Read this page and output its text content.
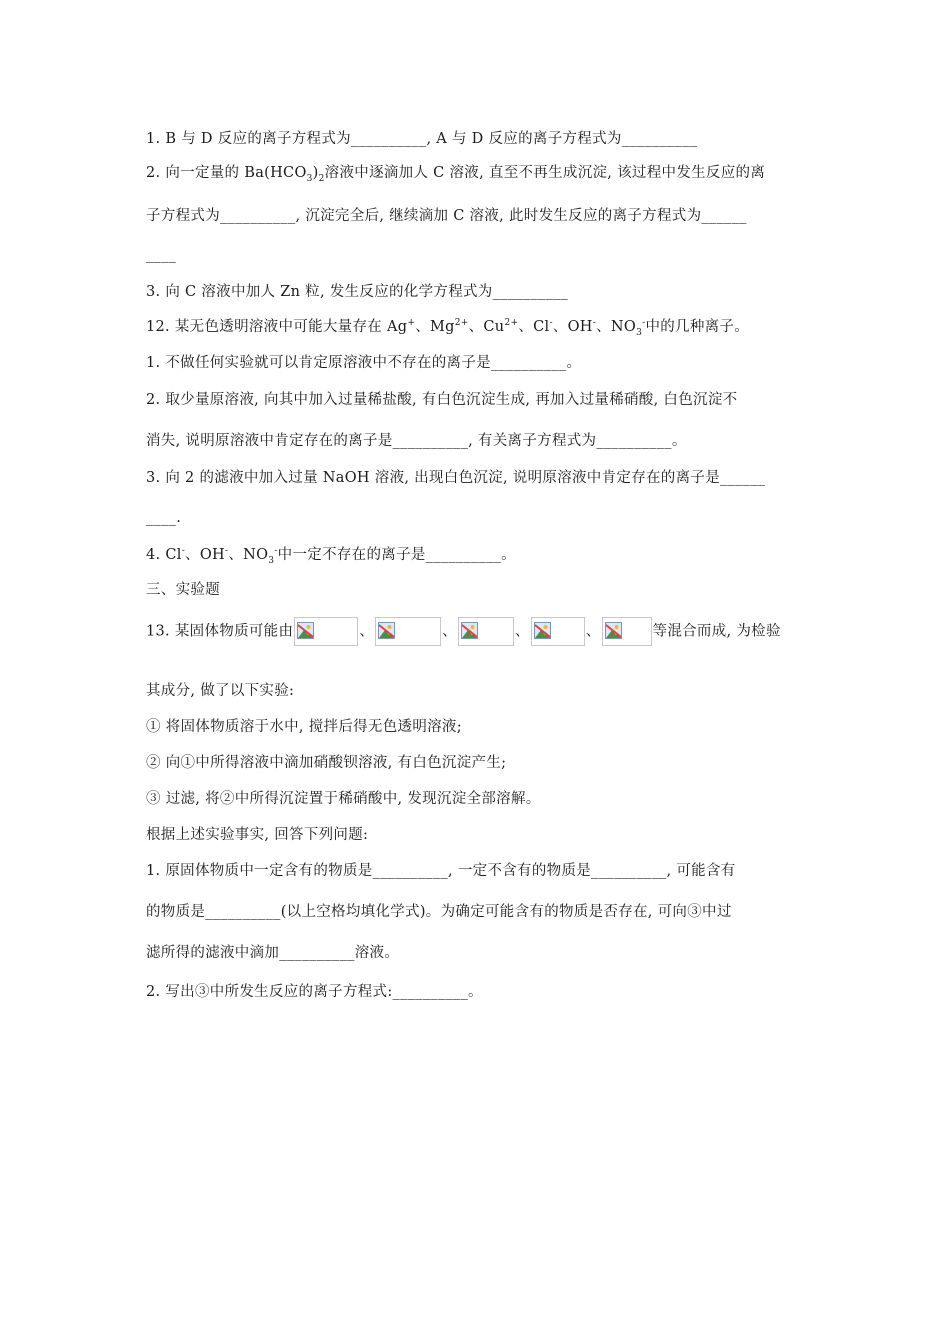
1. B 与 D 反应的离子方程式为__________, A 与 D 反应的离子方程式为__________
2. 向一定量的 $Ba(HCO_3)_2$溶液中逐滴加人 C 溶液, 直至不再生成沉淀, 该过程中发生反应的离
子方程式为__________, 沉淀完全后, 继续滴加 C 溶液, 此时发生反应的离子方程式为______
____
3. 向 C 溶液中加人 Zn 粒, 发生反应的化学方程式为__________
12. 某无色透明溶液中可能大量存在 Ag+、$Mg^{2+}$、$Cu^{2+}$、Cl-、OH-、$NO_3^-$中的几种离子。
1. 不做任何实验就可以肯定原溶液中不存在的离子是__________。
2. 取少量原溶液, 向其中加入过量稀盐酸, 有白色沉淀生成, 再加入过量稀硝酸, 白色沉淀不
消失, 说明原溶液中肯定存在的离子是__________, 有关离子方程式为__________。
3. 向 2 的滤液中加入过量 NaOH 溶液, 出现白色沉淀, 说明原溶液中肯定存在的离子是______
____.
4. Cl-、OH-、$NO_3^-$中一定不存在的离子是__________。
三、实验题
13. 某固体物质可能由	、	、	、	、	等混合而成, 为检验
其成分, 做了以下实验:
① 将固体物质溶于水中, 搅拌后得无色透明溶液;
② 向①中所得溶液中滴加硝酸钡溶液, 有白色沉淀产生;
③ 过滤, 将②中所得沉淀置于稀硝酸中, 发现沉淀全部溶解。
根据上述实验事实, 回答下列问题:
1. 原固体物质中一定含有的物质是__________, 一定不含有的物质是__________, 可能含有
的物质是__________(以上空格均填化学式)。为确定可能含有的物质是否存在, 可向③中过
滤所得的滤液中滴加__________溶液。
2. 写出③中所发生反应的离子方程式:__________。
